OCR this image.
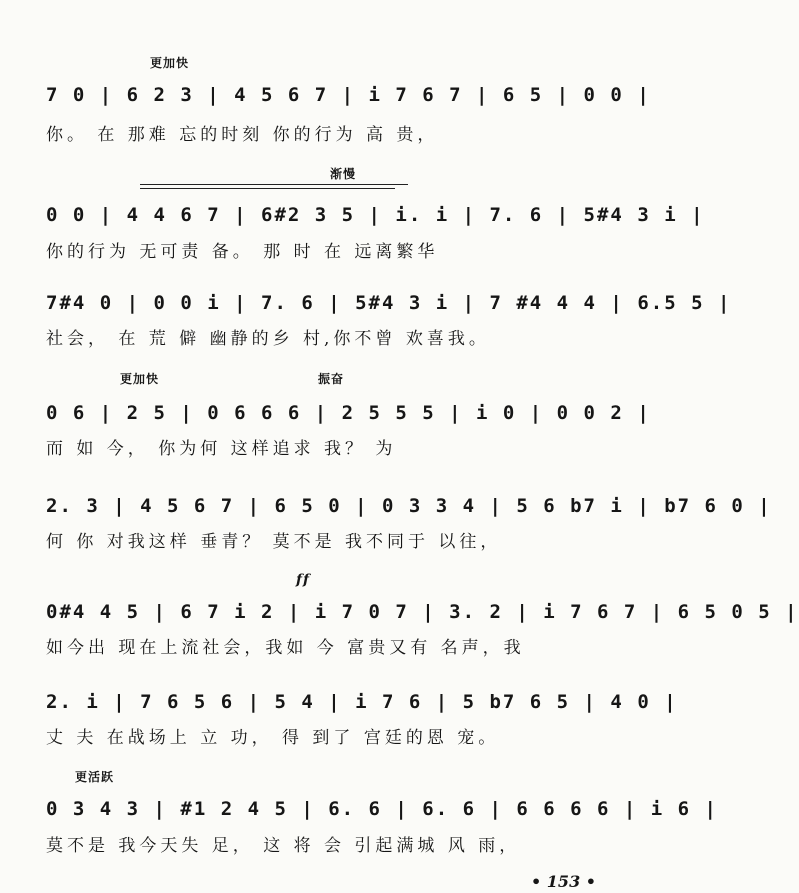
更加快
7 0 | 6 2 3 | 4 5 6 7 | i 7 6 7 | 6 5 | 0 0 |
你。 在 那难 忘的时刻 你的行为 高 贵，
渐慢
0 0 | 4 4 6 7 | 6#2 3 5 | i. i | 7. 6 | 5#4 3 i |
你的行为 无可责 备。 那 时 在 远离繁华
7#4 0 | 0 0 i | 7. 6 | 5#4 3 i | 7 #4 4 4 | 6.5 5 |
社会， 在 荒 僻 幽静的乡 村,你不曾 欢喜我。
更加快	振奋
0 6 | 2 5 | 0 6 6 6 | 2 5 5 5 | i 0 | 0 0 2 |
而 如 今， 你为何 这样追求 我？ 为
2. 3 | 4 5 6 7 | 6 5 0 | 0 3 3 4 | 5 6 b7 i | b7 6 0 |
何 你 对我这样 垂青？ 莫不是 我不同于 以往，
ff
0#4 4 5 | 6 7 i 2 | i 7 0 7 | 3. 2 | i 7 6 7 | 6 5 0 5 |
如今出 现在上流社会，我如 今 富贵又有 名声，我
2. i | 7 6 5 6 | 5 4 | i 7 6 | 5 b7 6 5 | 4 0 |
丈 夫 在战场上 立 功， 得 到了 宫廷的恩 宠。
更活跃
0 3 4 3 | #1 2 4 5 | 6. 6 | 6. 6 | 6 6 6 6 | i 6 |
莫不是 我今天失 足， 这 将 会 引起满城 风 雨，
• 153 •
